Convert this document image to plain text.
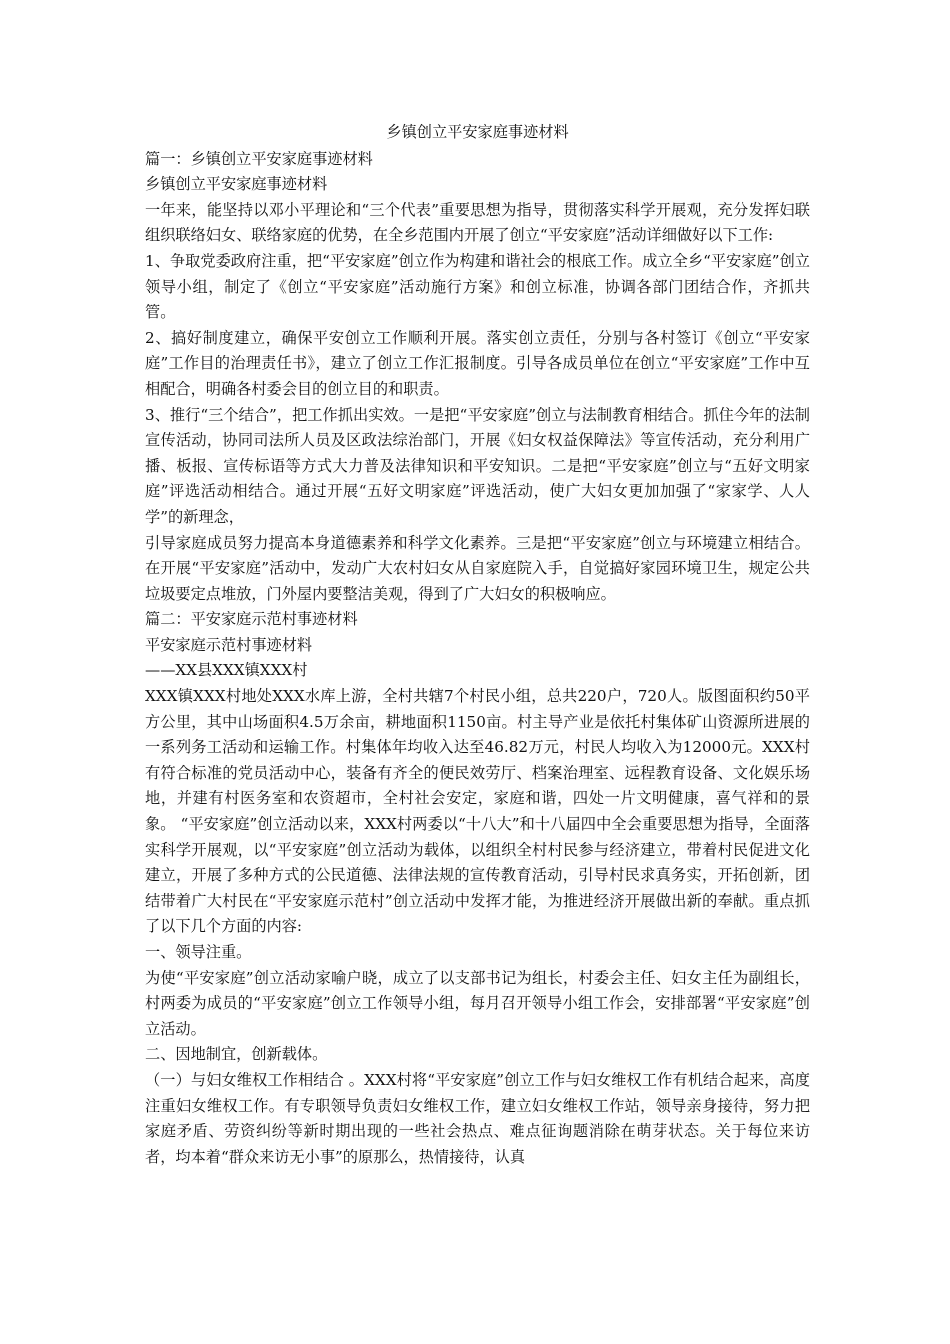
乡镇创立平安家庭事迹材料

篇一：乡镇创立平安家庭事迹材料

乡镇创立平安家庭事迹材料

一年来，能坚持以邓小平理论和“三个代表”重要思想为指导，贯彻落实科学开展观，充分发挥妇联组织联络妇女、联络家庭的优势，在全乡范围内开展了创立“平安家庭”活动详细做好以下工作:

1、争取党委政府注重，把“平安家庭”创立作为构建和谐社会的根底工作。成立全乡“平安家庭”创立领导小组，制定了《创立“平安家庭”活动施行方案》和创立标准，协调各部门团结合作，齐抓共管。

2、搞好制度建立，确保平安创立工作顺利开展。落实创立责任，分别与各村签订《创立“平安家庭”工作目的治理责任书》，建立了创立工作汇报制度。引导各成员单位在创立“平安家庭”工作中互相配合，明确各村委会目的创立目的和职责。

3、推行“三个结合”，把工作抓出实效。一是把“平安家庭”创立与法制教育相结合。抓住今年的法制宣传活动，协同司法所人员及区政法综治部门，开展《妇女权益保障法》等宣传活动，充分利用广播、板报、宣传标语等方式大力普及法律知识和平安知识。二是把“平安家庭”创立与“五好文明家庭”评选活动相结合。通过开展“五好文明家庭”评选活动，使广大妇女更加加强了“家家学、人人学”的新理念，

引导家庭成员努力提高本身道德素养和科学文化素养。三是把“平安家庭”创立与环境建立相结合。在开展“平安家庭”活动中，发动广大农村妇女从自家庭院入手，自觉搞好家园环境卫生，规定公共垃圾要定点堆放，门外屋内要整洁美观，得到了广大妇女的积极响应。

篇二：平安家庭示范村事迹材料

平安家庭示范村事迹材料

——XX县XXX镇XXX村

XXX镇XXX村地处XXX水库上游，全村共辖7个村民小组，总共220户，720人。版图面积约50平方公里，其中山场面积4.5万余亩，耕地面积1150亩。村主导产业是依托村集体矿山资源所进展的一系列务工活动和运输工作。村集体年均收入达至46.82万元，村民人均收入为12000元。XXX村有符合标准的党员活动中心，装备有齐全的便民效劳厅、档案治理室、远程教育设备、文化娱乐场地，并建有村医务室和农资超市，全村社会安定，家庭和谐，四处一片文明健康，喜气祥和的景象。 “平安家庭”创立活动以来，XXX村两委以“十八大”和十八届四中全会重要思想为指导，全面落实科学开展观，以“平安家庭”创立活动为载体，以组织全村村民参与经济建立，带着村民促进文化建立，开展了多种方式的公民道德、法律法规的宣传教育活动，引导村民求真务实，开拓创新，团结带着广大村民在“平安家庭示范村”创立活动中发挥才能，为推进经济开展做出新的奉献。重点抓了以下几个方面的内容:

一、领导注重。

为使“平安家庭”创立活动家喻户晓，成立了以支部书记为组长，村委会主任、妇女主任为副组长，村两委为成员的“平安家庭”创立工作领导小组，每月召开领导小组工作会，安排部署“平安家庭”创立活动。

二、因地制宜，创新载体。

（一）与妇女维权工作相结合 。XXX村将“平安家庭”创立工作与妇女维权工作有机结合起来，高度注重妇女维权工作。有专职领导负责妇女维权工作，建立妇女维权工作站，领导亲身接待，努力把家庭矛盾、劳资纠纷等新时期出现的一些社会热点、难点征询题消除在萌芽状态。关于每位来访者，均本着“群众来访无小事”的原那么，热情接待，认真
